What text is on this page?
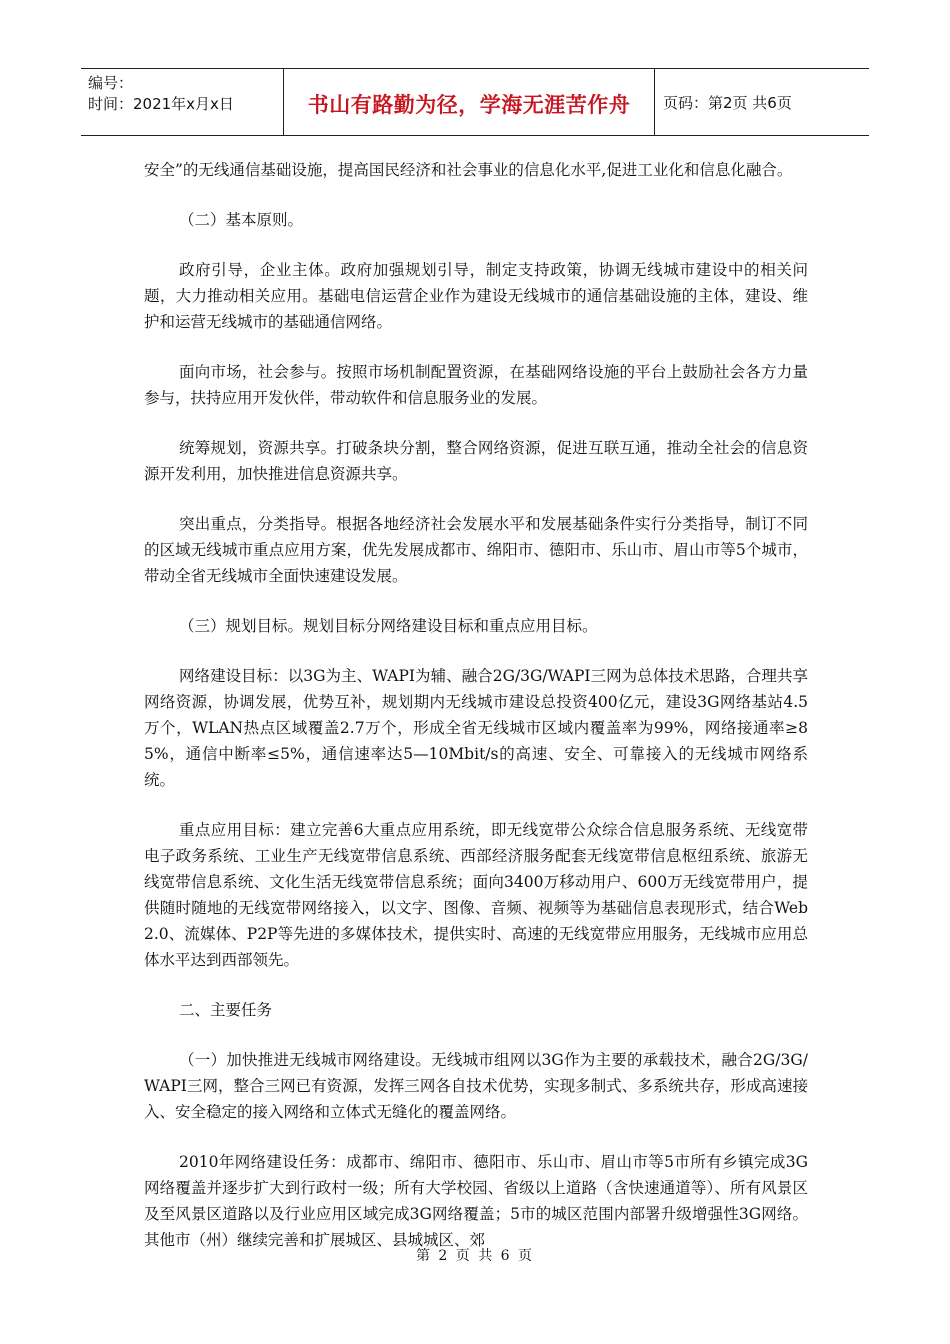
编号：
时间：2021年x月x日	书山有路勤为径，学海无涯苦作舟 页码：第2页 共6页

安全”的无线通信基础设施，提高国民经济和社会事业的信息化水平,促进工业化和信息化融合。

（二）基本原则。

政府引导，企业主体。政府加强规划引导，制定支持政策，协调无线城市建设中的相关问题，大力推动相关应用。基础电信运营企业作为建设无线城市的通信基础设施的主体，建设、维护和运营无线城市的基础通信网络。

面向市场，社会参与。按照市场机制配置资源，在基础网络设施的平台上鼓励社会各方力量参与，扶持应用开发伙伴，带动软件和信息服务业的发展。

统筹规划，资源共享。打破条块分割，整合网络资源，促进互联互通，推动全社会的信息资源开发利用，加快推进信息资源共享。

突出重点，分类指导。根据各地经济社会发展水平和发展基础条件实行分类指导，制订不同的区域无线城市重点应用方案，优先发展成都市、绵阳市、德阳市、乐山市、眉山市等5个城市，带动全省无线城市全面快速建设发展。

（三）规划目标。规划目标分网络建设目标和重点应用目标。

网络建设目标：以3G为主、WAPI为辅、融合2G/3G/WAPI三网为总体技术思路，合理共享网络资源，协调发展，优势互补，规划期内无线城市建设总投资400亿元，建设3G网络基站4.5万个，WLAN热点区域覆盖2.7万个，形成全省无线城市区域内覆盖率为99%，网络接通率≥85%，通信中断率≤5%，通信速率达5—10Mbit/s的高速、安全、可靠接入的无线城市网络系统。

重点应用目标：建立完善6大重点应用系统，即无线宽带公众综合信息服务系统、无线宽带电子政务系统、工业生产无线宽带信息系统、西部经济服务配套无线宽带信息枢纽系统、旅游无线宽带信息系统、文化生活无线宽带信息系统；面向3400万移动用户、600万无线宽带用户，提供随时随地的无线宽带网络接入，以文字、图像、音频、视频等为基础信息表现形式，结合Web2.0、流媒体、P2P等先进的多媒体技术，提供实时、高速的无线宽带应用服务，无线城市应用总体水平达到西部领先。

二、主要任务

（一）加快推进无线城市网络建设。无线城市组网以3G作为主要的承载技术，融合2G/3G/WAPI三网，整合三网已有资源，发挥三网各自技术优势，实现多制式、多系统共存，形成高速接入、安全稳定的接入网络和立体式无缝化的覆盖网络。

2010年网络建设任务：成都市、绵阳市、德阳市、乐山市、眉山市等5市所有乡镇完成3G网络覆盖并逐步扩大到行政村一级；所有大学校园、省级以上道路（含快速通道等）、所有风景区及至风景区道路以及行业应用区域完成3G网络覆盖；5市的城区范围内部署升级增强性3G网络。其他市（州）继续完善和扩展城区、县城城区、郊

第 2 页 共 6 页
